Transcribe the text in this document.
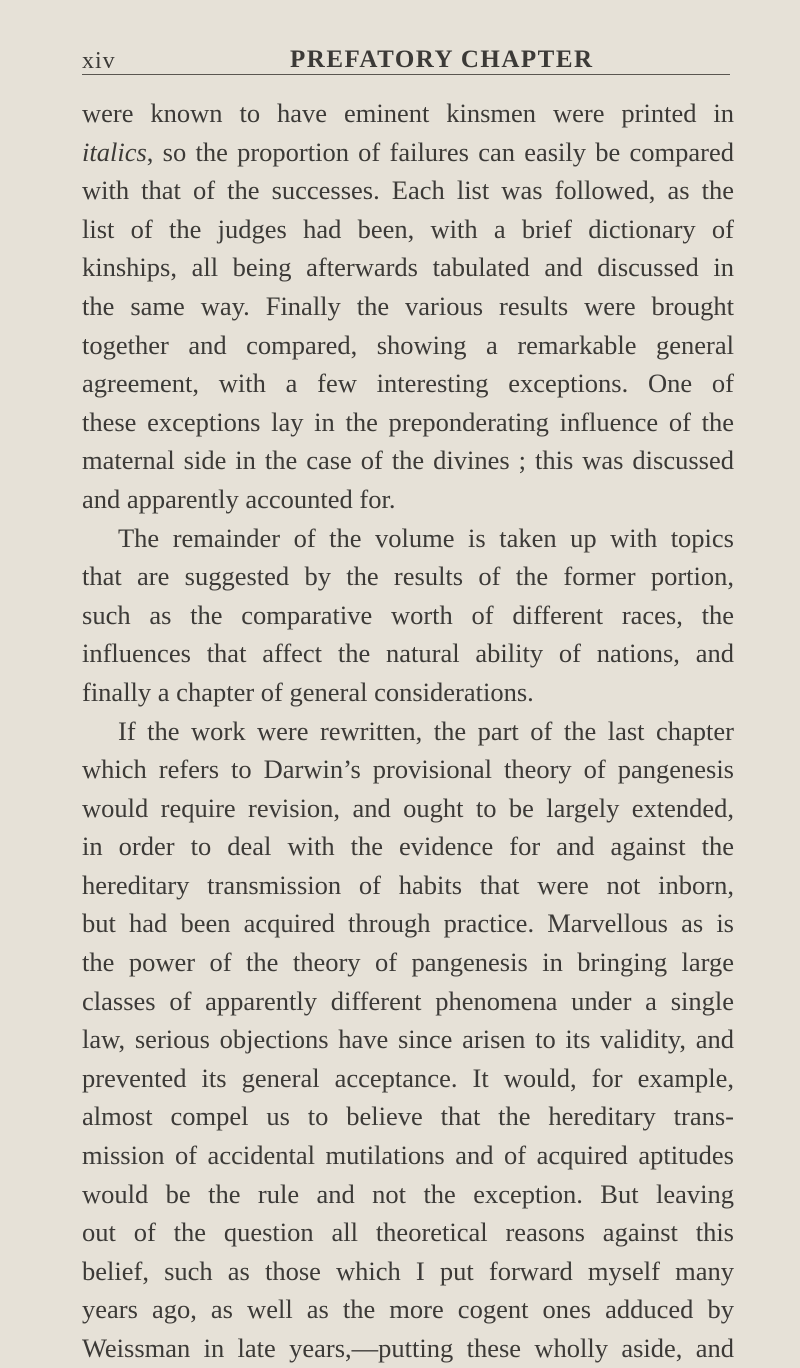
xiv	PREFATORY CHAPTER
were known to have eminent kinsmen were printed in
italics, so the proportion of failures can easily be compared
with that of the successes. Each list was followed, as the
list of the judges had been, with a brief dictionary of
kinships, all being afterwards tabulated and discussed in
the same way. Finally the various results were brought
together and compared, showing a remarkable general
agreement, with a few interesting exceptions. One of
these exceptions lay in the preponderating influence of the
maternal side in the case of the divines ; this was discussed
and apparently accounted for.
The remainder of the volume is taken up with topics
that are suggested by the results of the former portion,
such as the comparative worth of different races, the
influences that affect the natural ability of nations, and
finally a chapter of general considerations.
If the work were rewritten, the part of the last chapter
which refers to Darwin’s provisional theory of pangenesis
would require revision, and ought to be largely extended,
in order to deal with the evidence for and against the
hereditary transmission of habits that were not inborn,
but had been acquired through practice. Marvellous as is
the power of the theory of pangenesis in bringing large
classes of apparently different phenomena under a single
law, serious objections have since arisen to its validity, and
prevented its general acceptance. It would, for example,
almost compel us to believe that the hereditary trans-
mission of accidental mutilations and of acquired aptitudes
would be the rule and not the exception. But leaving
out of the question all theoretical reasons against this
belief, such as those which I put forward myself many
years ago, as well as the more cogent ones adduced by
Weissman in late years,—putting these wholly aside, and
